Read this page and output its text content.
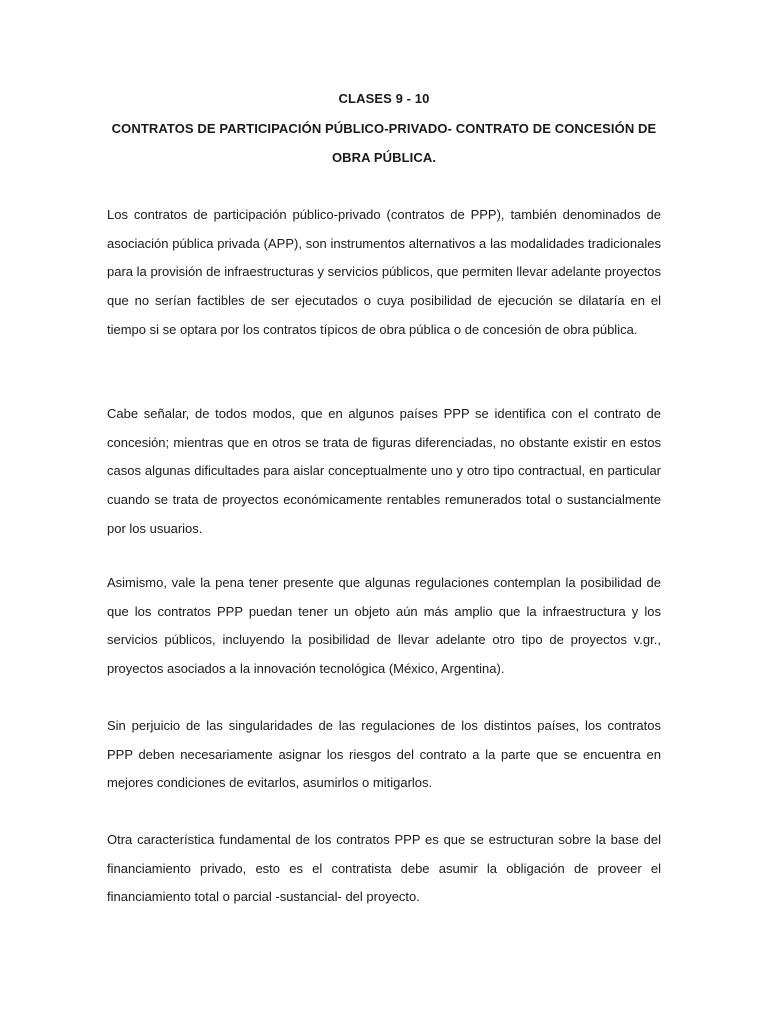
CLASES 9 - 10
CONTRATOS DE PARTICIPACIÓN PÚBLICO-PRIVADO- CONTRATO DE CONCESIÓN DE
OBRA PÚBLICA.

Los contratos de participación público-privado (contratos de PPP), también denominados de asociación pública privada (APP), son instrumentos alternativos a las modalidades tradicionales para la provisión de infraestructuras y servicios públicos, que permiten llevar adelante proyectos que no serían factibles de ser ejecutados o cuya posibilidad de ejecución se dilataría en el tiempo si se optara por los contratos típicos de obra pública o de concesión de obra pública.

Cabe señalar, de todos modos, que en algunos países PPP se identifica con el contrato de concesión; mientras que en otros se trata de figuras diferenciadas, no obstante existir en estos casos algunas dificultades para aislar conceptualmente uno y otro tipo contractual, en particular cuando se trata de proyectos económicamente rentables remunerados total o sustancialmente por los usuarios.

Asimismo, vale la pena tener presente que algunas regulaciones contemplan la posibilidad de que los contratos PPP puedan tener un objeto aún más amplio que la infraestructura y los servicios públicos, incluyendo la posibilidad de llevar adelante otro tipo de proyectos v.gr., proyectos asociados a la innovación tecnológica (México, Argentina).

Sin perjuicio de las singularidades de las regulaciones de los distintos países, los contratos PPP deben necesariamente asignar los riesgos del contrato a la parte que se encuentra en mejores condiciones de evitarlos, asumirlos o mitigarlos.

Otra característica fundamental de los contratos PPP es que se estructuran sobre la base del financiamiento privado, esto es el contratista debe asumir la obligación de proveer el financiamiento total o parcial -sustancial- del proyecto.
